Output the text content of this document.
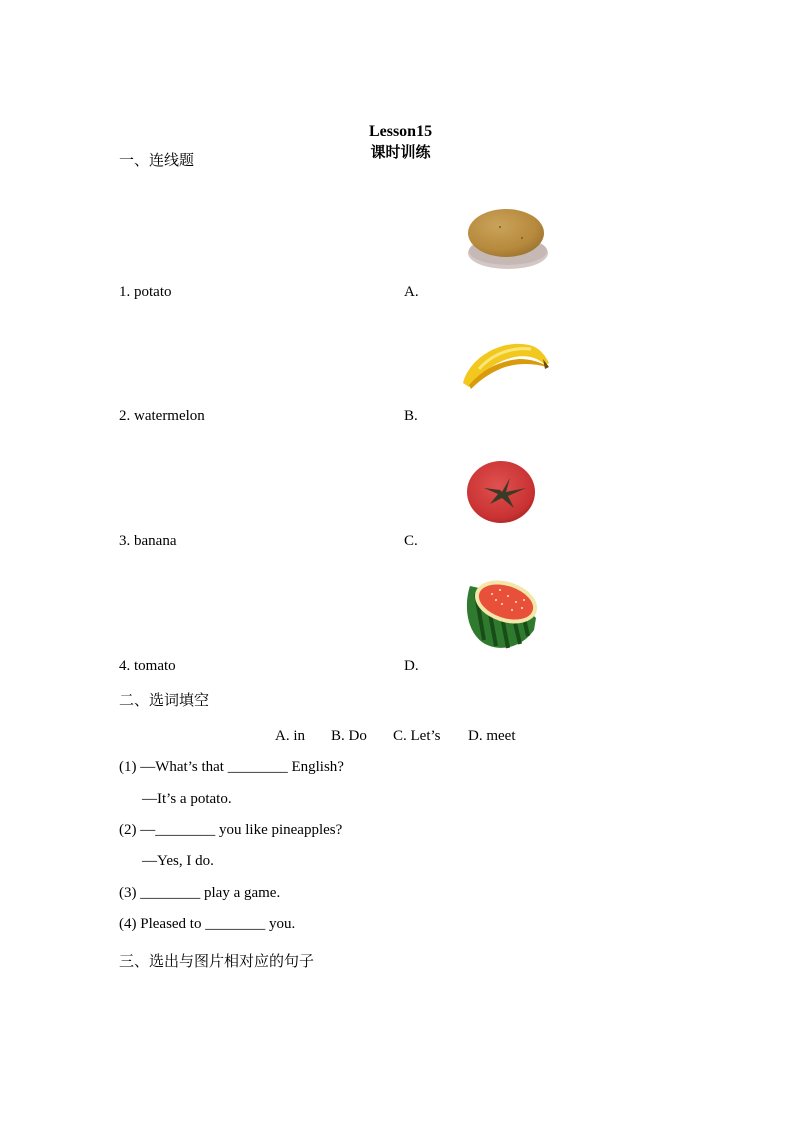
Lesson15
课时训练

一、连线题
1. potato	A.
2. watermelon	B.
3. banana	C.
4. tomato	D.
二、选词填空
A. in B. Do C. Let’s D. meet
(1) —What’s that ________ English?
—It’s a potato.
(2) —________ you like pineapples?
—Yes, I do.
(3) ________ play a game.
(4) Pleased to ________ you.
三、选出与图片相对应的句子
